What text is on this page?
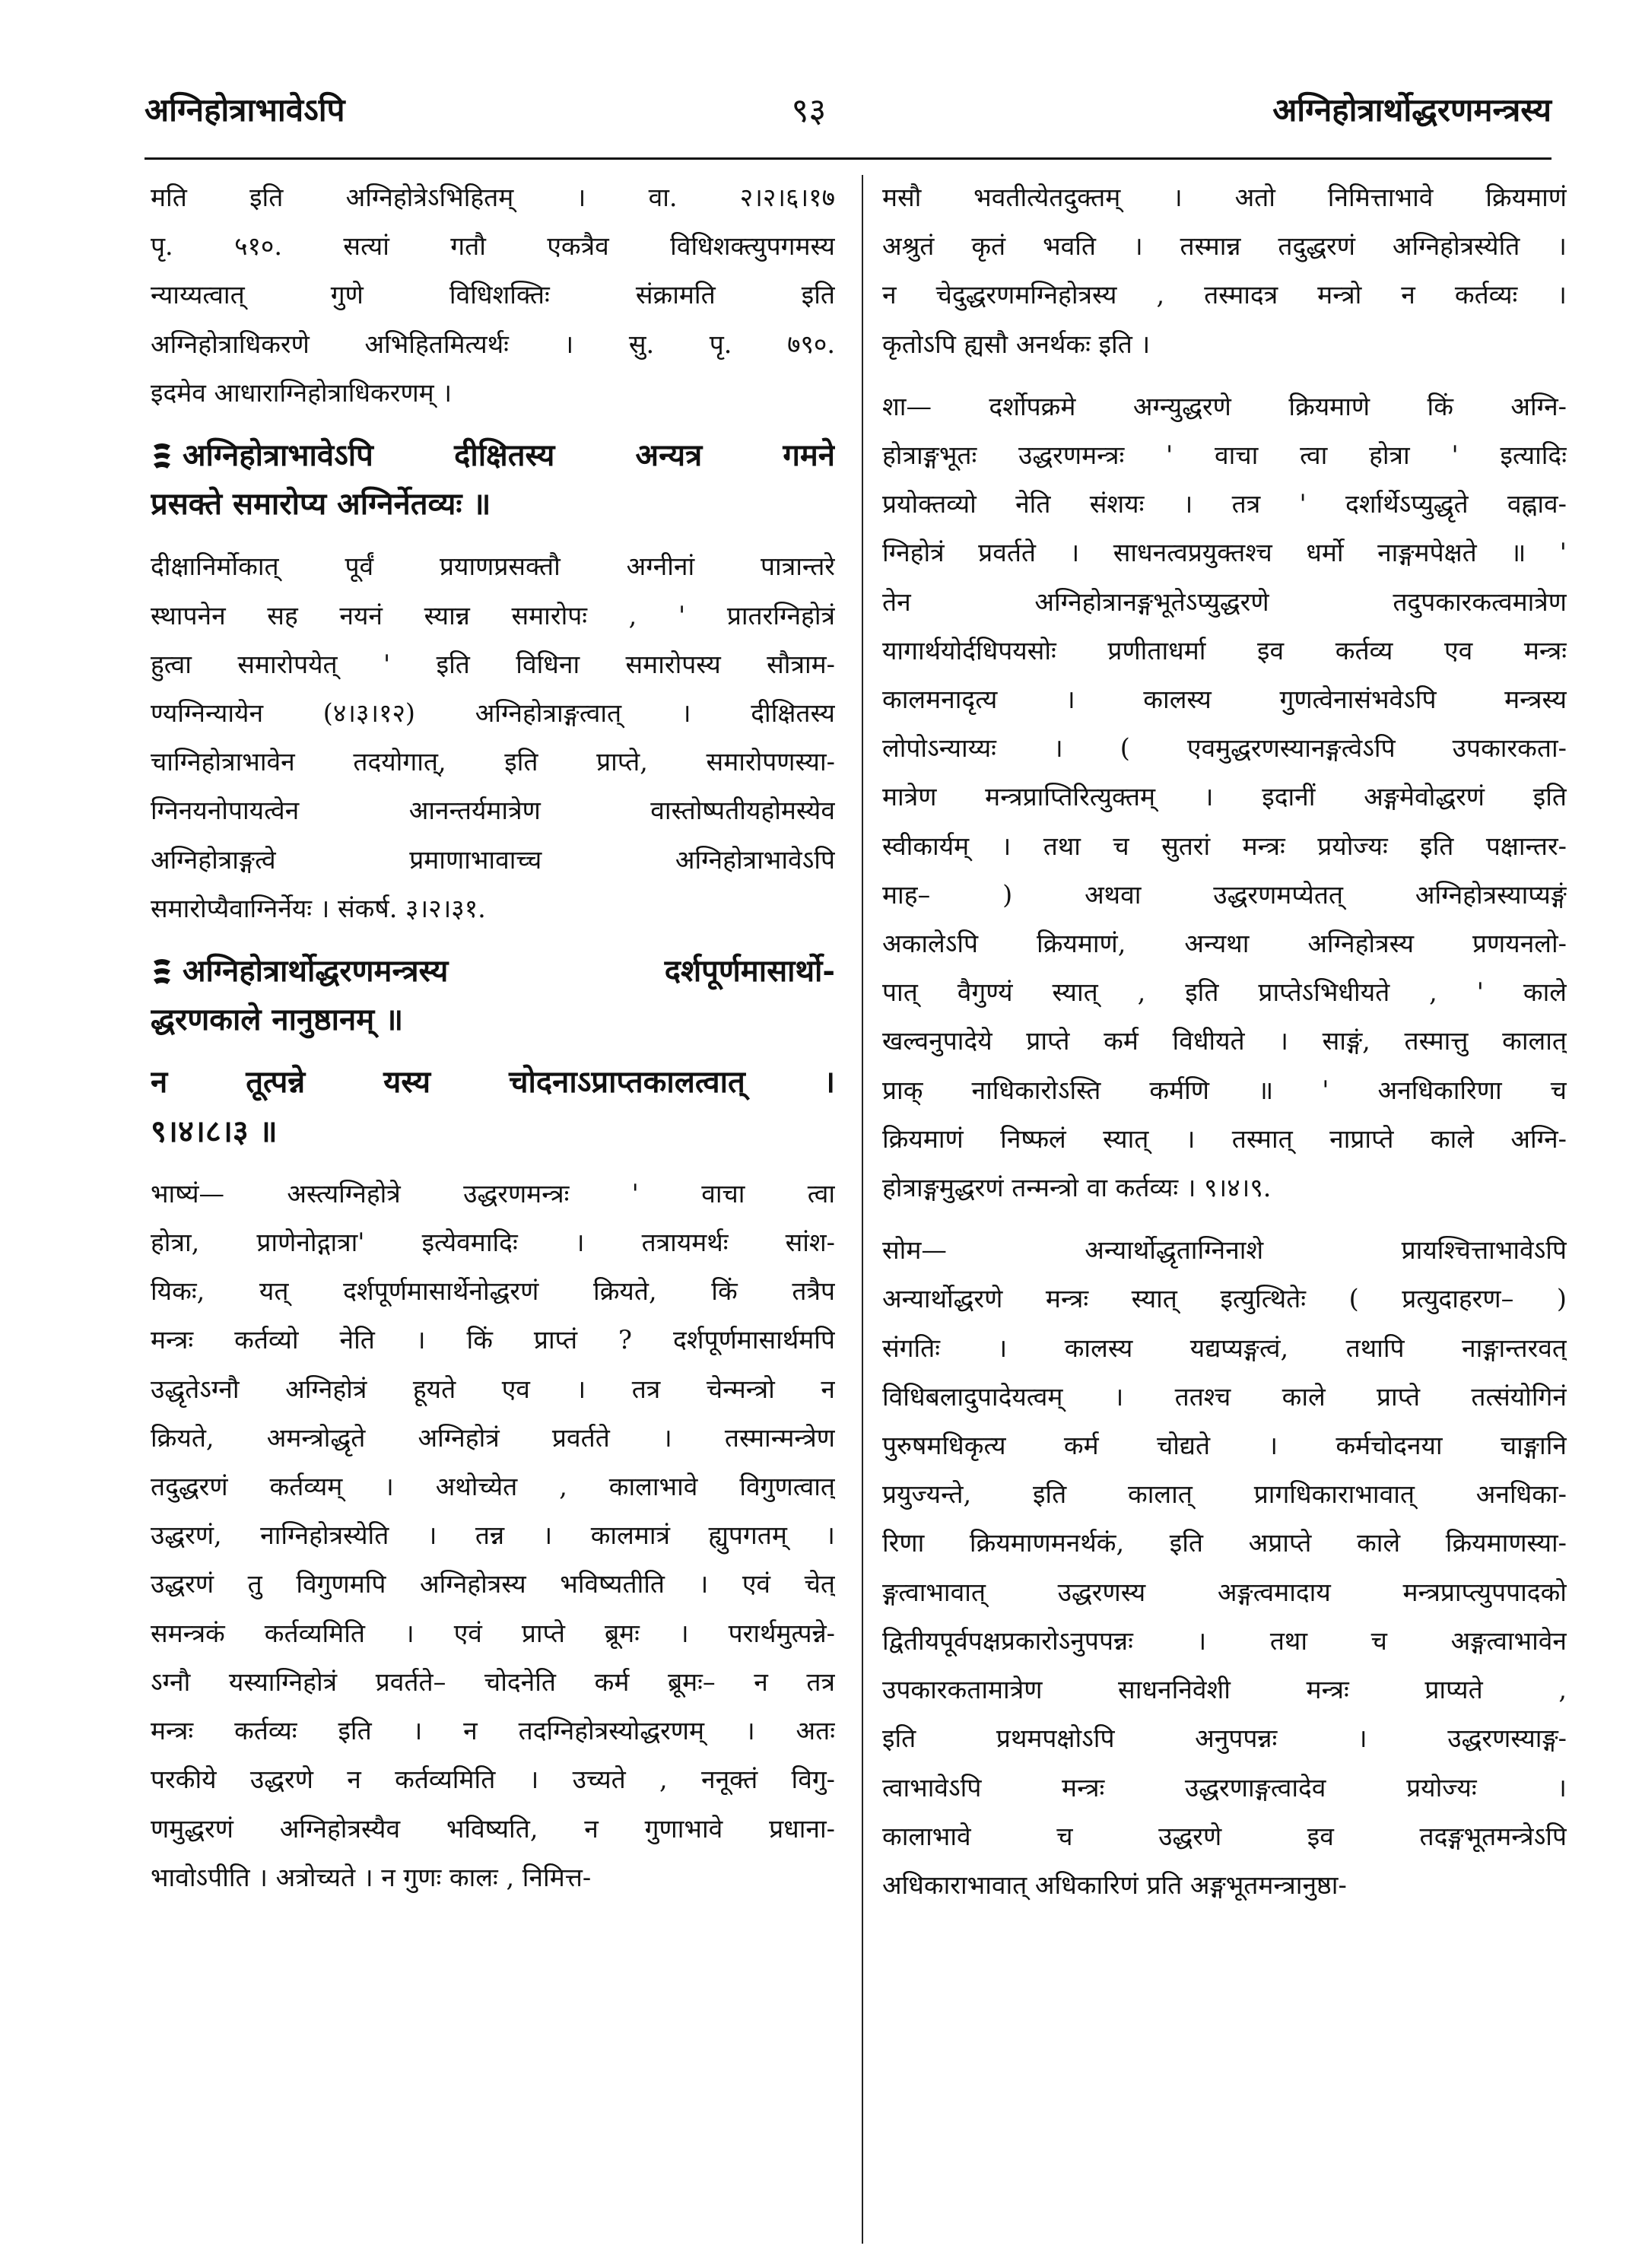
अग्निहोत्राभावेऽपि	९३	अग्निहोत्रार्थोद्धरणमन्त्रस्य
मति इति अग्निहोत्रेऽभिहितम् । वा. २।२।६।१७
पृ. ५१०. सत्यां गतौ एकत्रैव विधिशक्त्युपगमस्य
न्याय्यत्वात् गुणे विधिशक्तिः संक्रामति इति
अग्निहोत्राधिकरणे अभिहितमित्यर्थः । सु. पृ. ७९०.
इदमेव आधाराग्निहोत्राधिकरणम् ।
अग्निहोत्राभावेऽपि दीक्षितस्य अन्यत्र गमने
प्रसक्ते समारोप्य अग्निर्नेतव्यः ॥
दीक्षानिर्मोकात् पूर्वं प्रयाणप्रसक्तौ अग्नीनां पात्रान्तरे
स्थापनेन सह नयनं स्यान्न समारोपः , ' प्रातरग्निहोत्रं
हुत्वा समारोपयेत् ' इति विधिना समारोपस्य सौत्राम-
ण्यग्निन्यायेन (४।३।१२) अग्निहोत्राङ्गत्वात् । दीक्षितस्य
चाग्निहोत्राभावेन तदयोगात्, इति प्राप्ते, समारोपणस्या-
ग्निनयनोपायत्वेन आनन्तर्यमात्रेण वास्तोष्पतीयहोमस्येव
अग्निहोत्राङ्गत्वे प्रमाणाभावाच्च अग्निहोत्राभावेऽपि
समारोप्यैवाग्निर्नेयः । संकर्ष. ३।२।३१.
अग्निहोत्रार्थोद्धरणमन्त्रस्य दर्शपूर्णमासार्थो-
द्धरणकाले नानुष्ठानम् ॥
न तूत्पन्ने यस्य चोदनाऽप्राप्तकालत्वात् ।
९।४।८।३ ॥
भाष्यं— अस्त्यग्निहोत्रे उद्धरणमन्त्रः ' वाचा त्वा
होत्रा, प्राणेनोद्गात्रा' इत्येवमादिः । तत्रायमर्थः सांश-
यिकः, यत् दर्शपूर्णमासार्थेनोद्धरणं क्रियते, किं तत्रैप
मन्त्रः कर्तव्यो नेति । किं प्राप्तं ? दर्शपूर्णमासार्थमपि
उद्धृतेऽग्नौ अग्निहोत्रं हूयते एव । तत्र चेन्मन्त्रो न
क्रियते, अमन्त्रोद्धृते अग्निहोत्रं प्रवर्तते । तस्मान्मन्त्रेण
तदुद्धरणं कर्तव्यम् । अथोच्येत , कालाभावे विगुणत्वात्
उद्धरणं, नाग्निहोत्रस्येति । तन्न । कालमात्रं ह्युपगतम् ।
उद्धरणं तु विगुणमपि अग्निहोत्रस्य भविष्यतीति । एवं चेत्
समन्त्रकं कर्तव्यमिति । एवं प्राप्ते ब्रूमः । परार्थमुत्पन्ने-
ऽग्नौ यस्याग्निहोत्रं प्रवर्तते– चोदनेति कर्म ब्रूमः– न तत्र
मन्त्रः कर्तव्यः इति । न तदग्निहोत्रस्योद्धरणम् । अतः
परकीये उद्धरणे न कर्तव्यमिति । उच्यते , ननूक्तं विगु-
णमुद्धरणं अग्निहोत्रस्यैव भविष्यति, न गुणाभावे प्रधाना-
भावोऽपीति । अत्रोच्यते । न गुणः कालः , निमित्त-
मसौ भवतीत्येतदुक्तम् । अतो निमित्ताभावे क्रियमाणं
अश्रुतं कृतं भवति । तस्मान्न तदुद्धरणं अग्निहोत्रस्येति ।
न चेदुद्धरणमग्निहोत्रस्य , तस्मादत्र मन्त्रो न कर्तव्यः ।
कृतोऽपि ह्यसौ अनर्थकः इति ।
शा— दर्शोपक्रमे अग्न्युद्धरणे क्रियमाणे किं अग्नि-
होत्राङ्गभूतः उद्धरणमन्त्रः ' वाचा त्वा होत्रा ' इत्यादिः
प्रयोक्तव्यो नेति संशयः । तत्र ' दर्शार्थेऽप्युद्धृते वह्नाव-
ग्निहोत्रं प्रवर्तते । साधनत्वप्रयुक्तश्च धर्मो नाङ्गमपेक्षते ॥ '
तेन अग्निहोत्रानङ्गभूतेऽप्युद्धरणे तदुपकारकत्वमात्रेण
यागार्थयोर्दधिपयसोः प्रणीताधर्मा इव कर्तव्य एव मन्त्रः
कालमनादृत्य । कालस्य गुणत्वेनासंभवेऽपि मन्त्रस्य
लोपोऽन्याय्यः । ( एवमुद्धरणस्यानङ्गत्वेऽपि उपकारकता-
मात्रेण मन्त्रप्राप्तिरित्युक्तम् । इदानीं अङ्गमेवोद्धरणं इति
स्वीकार्यम् । तथा च सुतरां मन्त्रः प्रयोज्यः इति पक्षान्तर-
माह– ) अथवा उद्धरणमप्येतत् अग्निहोत्रस्याप्यङ्गं
अकालेऽपि क्रियमाणं, अन्यथा अग्निहोत्रस्य प्रणयनलो-
पात् वैगुण्यं स्यात् , इति प्राप्तेऽभिधीयते , ' काले
खल्वनुपादेये प्राप्ते कर्म विधीयते । साङ्गं, तस्मात्तु कालात्
प्राक् नाधिकारोऽस्ति कर्मणि ॥ ' अनधिकारिणा च
क्रियमाणं निष्फलं स्यात् । तस्मात् नाप्राप्ते काले अग्नि-
होत्राङ्गमुद्धरणं तन्मन्त्रो वा कर्तव्यः । ९।४।९.
सोम— अन्यार्थोद्धृताग्निनाशे प्रायश्चित्ताभावेऽपि
अन्यार्थोद्धरणे मन्त्रः स्यात् इत्युत्थितेः ( प्रत्युदाहरण– )
संगतिः । कालस्य यद्यप्यङ्गत्वं, तथापि नाङ्गान्तरवत्
विधिबलादुपादेयत्वम् । ततश्च काले प्राप्ते तत्संयोगिनं
पुरुषमधिकृत्य कर्म चोद्यते । कर्मचोदनया चाङ्गानि
प्रयुज्यन्ते, इति कालात् प्रागधिकाराभावात् अनधिका-
रिणा क्रियमाणमनर्थकं, इति अप्राप्ते काले क्रियमाणस्या-
ङ्गत्वाभावात् उद्धरणस्य अङ्गत्वमादाय मन्त्रप्राप्त्युपपादको
द्वितीयपूर्वपक्षप्रकारोऽनुपपन्नः । तथा च अङ्गत्वाभावेन
उपकारकतामात्रेण साधननिवेशी मन्त्रः प्राप्यते ,
इति प्रथमपक्षोऽपि अनुपपन्नः । उद्धरणस्याङ्ग-
त्वाभावेऽपि मन्त्रः उद्धरणाङ्गत्वादेव प्रयोज्यः ।
कालाभावे च उद्धरणे इव तदङ्गभूतमन्त्रेऽपि
अधिकाराभावात् अधिकारिणं प्रति अङ्गभूतमन्त्रानुष्ठा-
